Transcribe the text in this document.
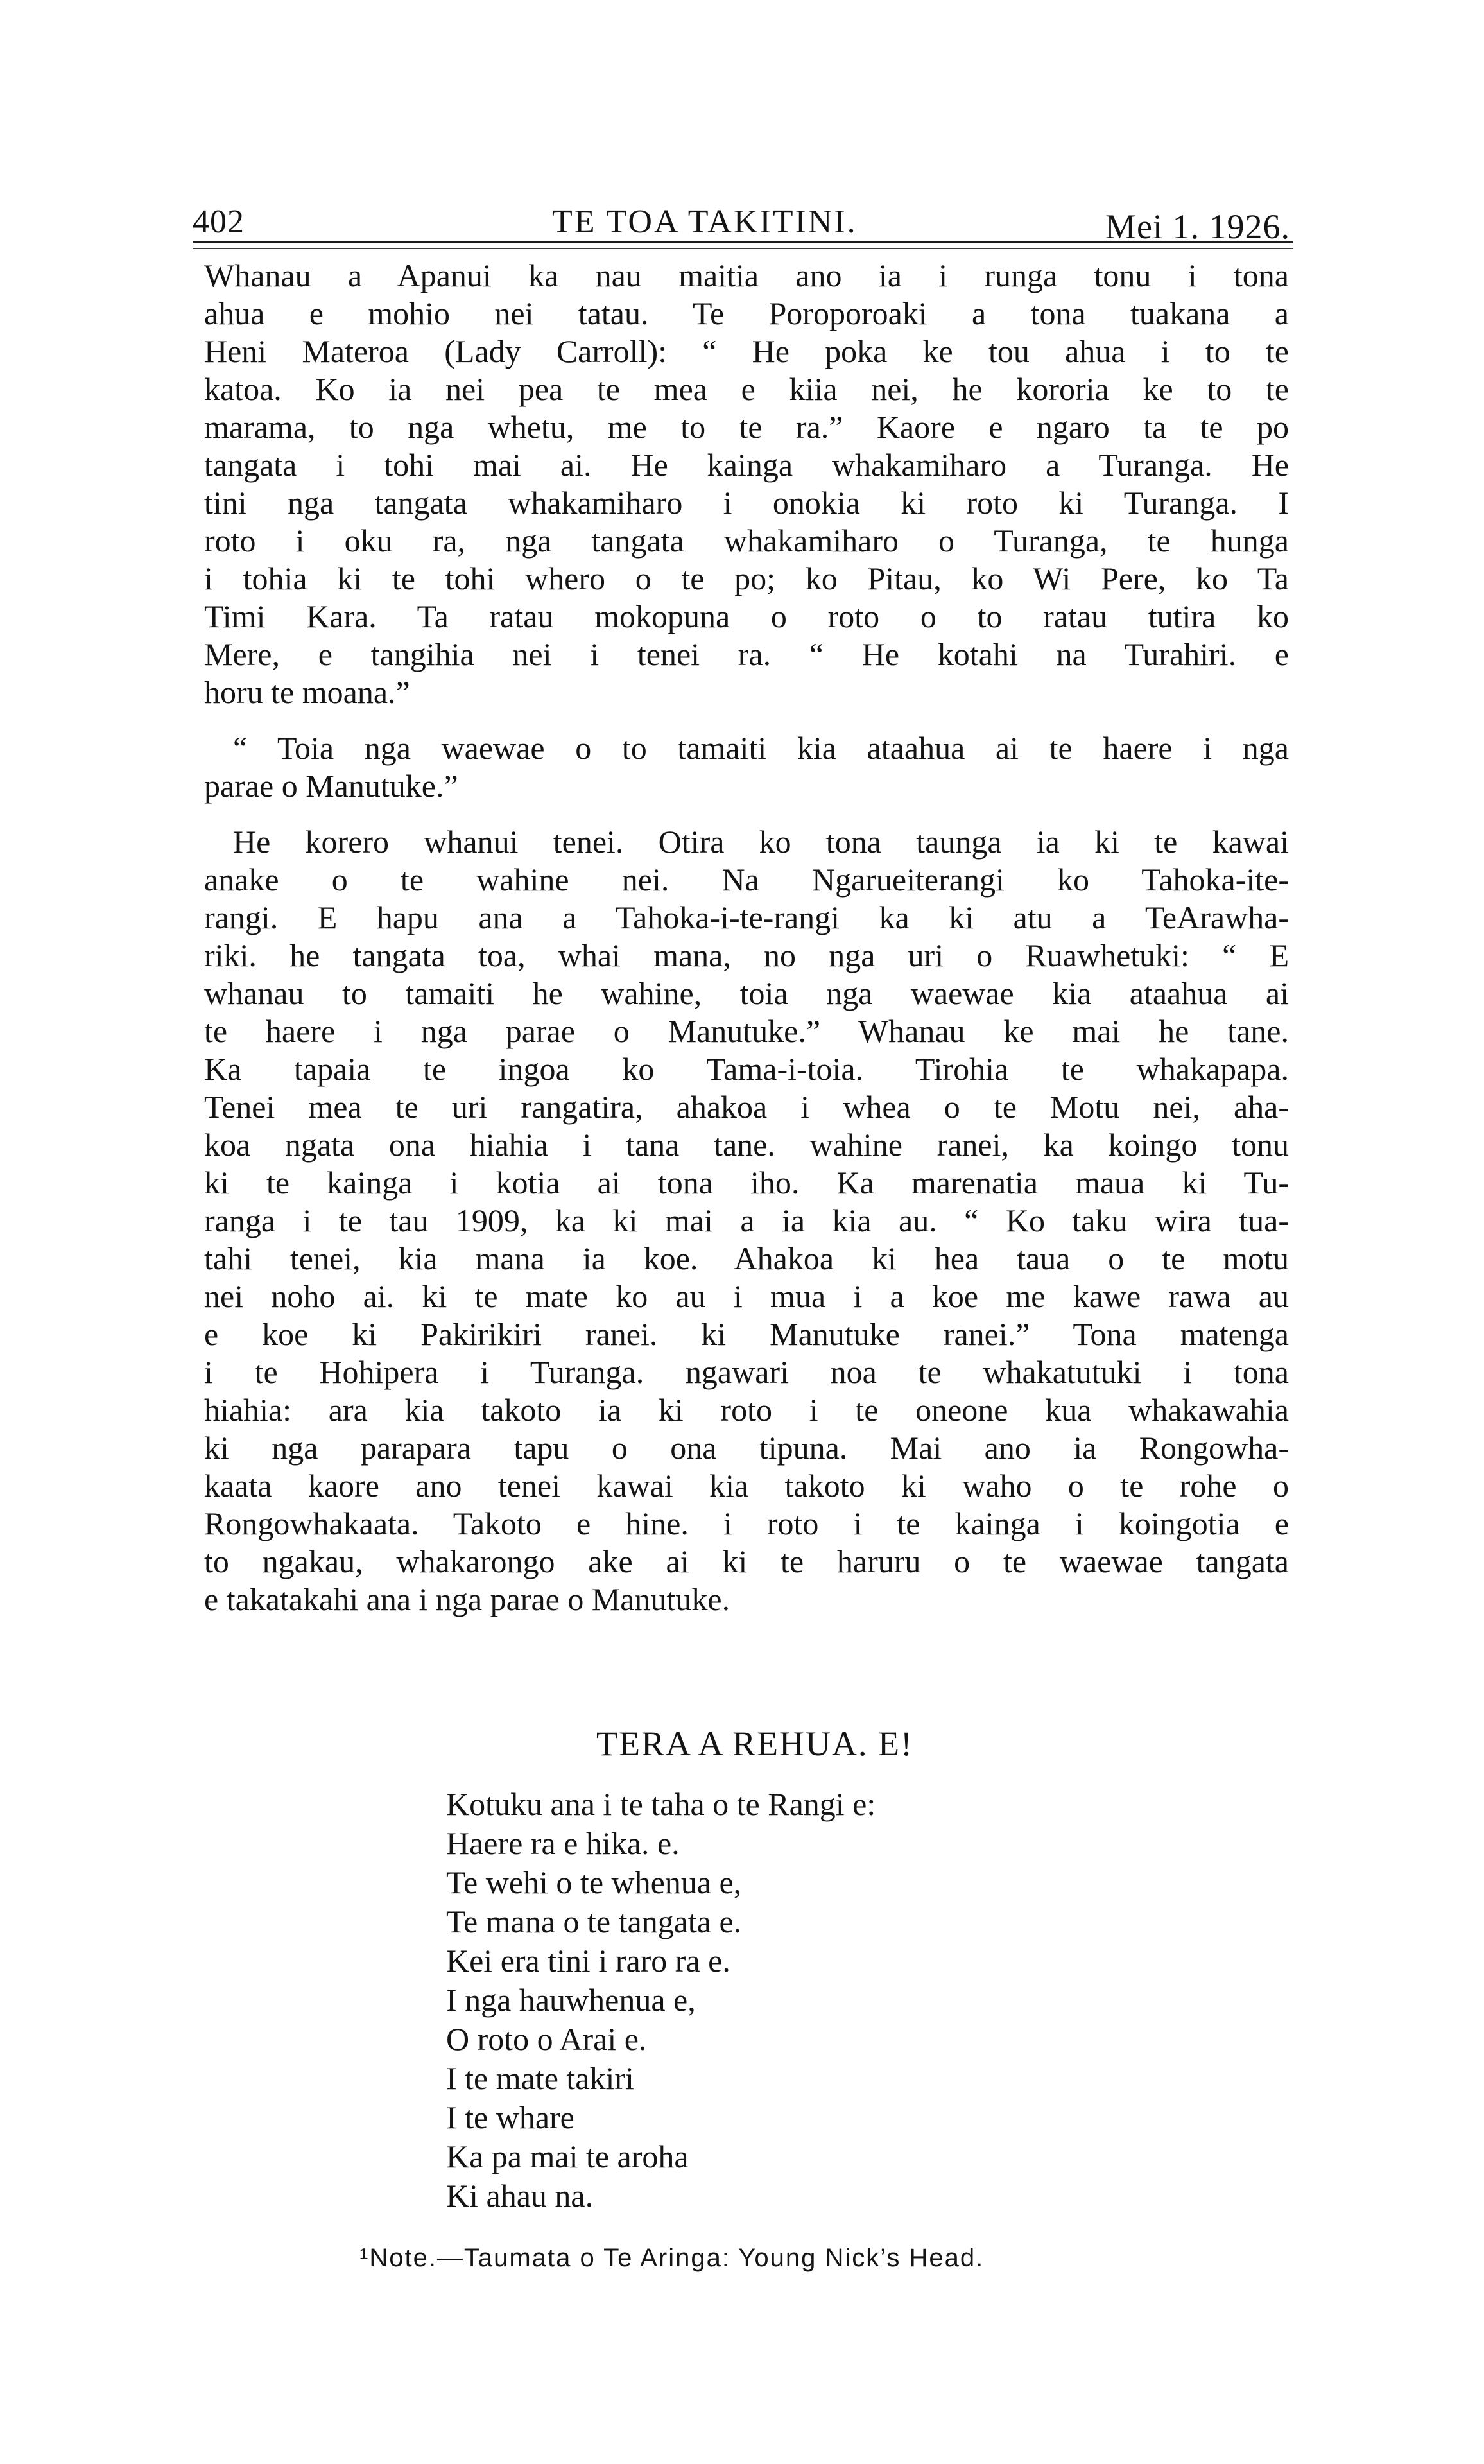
402	TE TOA TAKITINI.	Mei 1. 1926.
Whanau a Apanui ka nau maitia ano ia i runga tonu i tona
ahua e mohio nei tatau. Te Poroporoaki a tona tuakana a
Heni Materoa (Lady Carroll): “ He poka ke tou ahua i to te
katoa. Ko ia nei pea te mea e kiia nei, he kororia ke to te
marama, to nga whetu, me to te ra.” Kaore e ngaro ta te po
tangata i tohi mai ai. He kainga whakamiharo a Turanga. He
tini nga tangata whakamiharo i onokia ki roto ki Turanga. I
roto i oku ra, nga tangata whakamiharo o Turanga, te hunga
i tohia ki te tohi whero o te po; ko Pitau, ko Wi Pere, ko Ta
Timi Kara. Ta ratau mokopuna o roto o to ratau tutira ko
Mere, e tangihia nei i tenei ra. “ He kotahi na Turahiri. e
horu te moana.”
“ Toia nga waewae o to tamaiti kia ataahua ai te haere i nga
parae o Manutuke.”
He korero whanui tenei. Otira ko tona taunga ia ki te kawai
anake o te wahine nei. Na Ngarueiterangi ko Tahoka-ite-
rangi. E hapu ana a Tahoka-i-te-rangi ka ki atu a TeArawha-
riki. he tangata toa, whai mana, no nga uri o Ruawhetuki: “ E
whanau to tamaiti he wahine, toia nga waewae kia ataahua ai
te haere i nga parae o Manutuke.” Whanau ke mai he tane.
Ka tapaia te ingoa ko Tama-i-toia. Tirohia te whakapapa.
Tenei mea te uri rangatira, ahakoa i whea o te Motu nei, aha-
koa ngata ona hiahia i tana tane. wahine ranei, ka koingo tonu
ki te kainga i kotia ai tona iho. Ka marenatia maua ki Tu-
ranga i te tau 1909, ka ki mai a ia kia au. “ Ko taku wira tua-
tahi tenei, kia mana ia koe. Ahakoa ki hea taua o te motu
nei noho ai. ki te mate ko au i mua i a koe me kawe rawa au
e koe ki Pakirikiri ranei. ki Manutuke ranei.” Tona matenga
i te Hohipera i Turanga. ngawari noa te whakatutuki i tona
hiahia: ara kia takoto ia ki roto i te oneone kua whakawahia
ki nga parapara tapu o ona tipuna. Mai ano ia Rongowha-
kaata kaore ano tenei kawai kia takoto ki waho o te rohe o
Rongowhakaata. Takoto e hine. i roto i te kainga i koingotia e
to ngakau, whakarongo ake ai ki te haruru o te waewae tangata
e takatakahi ana i nga parae o Manutuke.
TERA A REHUA. E!
Kotuku ana i te taha o te Rangi e:
Haere ra e hika. e.
Te wehi o te whenua e,
Te mana o te tangata e.
Kei era tini i raro ra e.
I nga hauwhenua e,
O roto o Arai e.
I te mate takiri
I te whare
Ka pa mai te aroha
Ki ahau na.
¹Note.—Taumata o Te Aringa: Young Nick’s Head.
